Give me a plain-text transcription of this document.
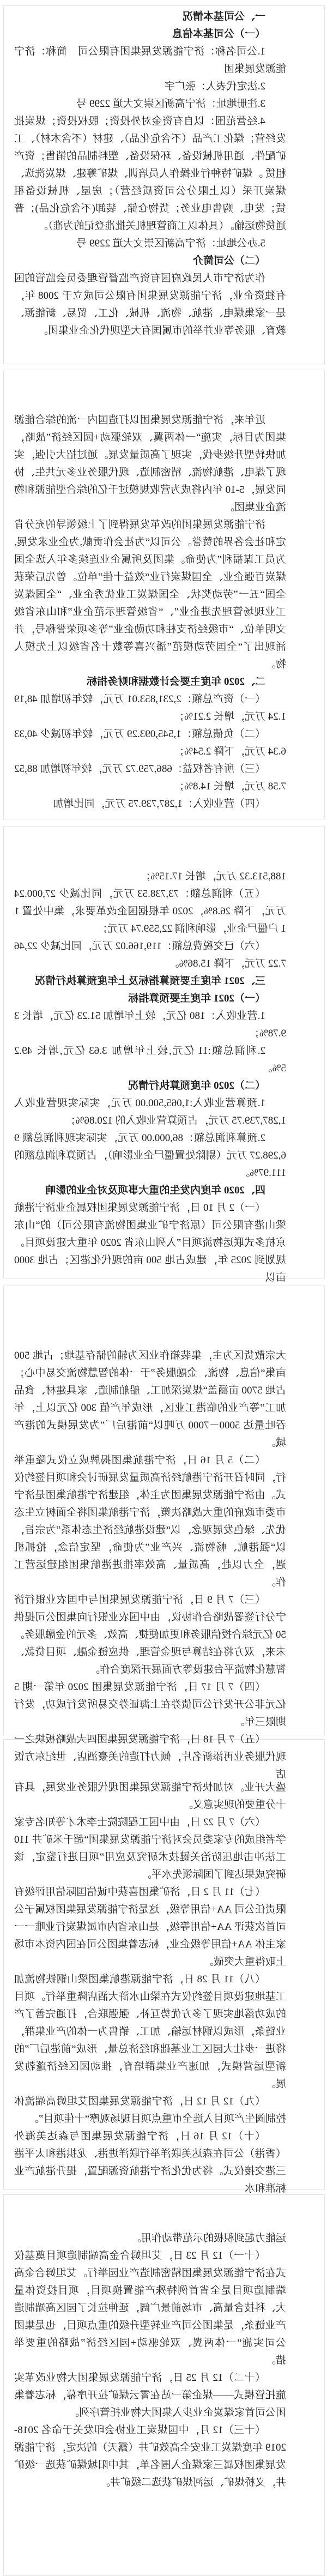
一、公司基本情况

（一）公司基本信息

1.公司名称：济宁能源发展集团有限公司　简称：济宁能源发展集团

2.法定代表人：张广宇

3.注册地址：济宁高新区崇文大道 2299 号

4.经营范围：以自有资金对外投资；股权投资；煤炭批发经营；煤化工产品（不含危化品）、建材（不含木材）、工矿配件、通用机械设备、环保设备、塑料制品的销售；资产租赁 。煤矿特种行业操作人员培训、煤矿筹建、煤炭洗选、煤炭开采（以上限分公司资质经营）；房屋、机械设备租赁；发电、购售电业务；货物仓储、装卸(不含危化品)；普通货物运输。（具体以工商管理机关批准登记的为准）。

5.办公地址：济宁高新区崇文大道 2299 号

（二）公司简介

作为济宁市人民政府国有资产监督管理委员会监管的国有独资企业，济宁能源发展集团有限公司成立于 2008 年，是一家集煤电、港航、物流、机械、化工、贸易、新能源、教育、服务等业并举的市属国有大型现代化企业集团。

近年来，济宁能源发展集团以打造国内一流的综合能源集团为目标，实施“一体两翼、双轮驱动+园区经济”战略，加快转型升级步伐，实现了高质量发展。通过招大引强，实现了煤电、港航物流、精密制造、现代服务业多元共生、协同发展，5-10 年内将成为营收规模过千亿的综合型能源和物流企业集团。

济宁能源发展集团的改革发展得到了上级领导的充分肯定和社会各界的赞誉。公司以“为社会作贡献,为企业求发展,为员工谋福利”为使命。集团及所属企业连续多年入选全国煤炭百强企业、全国煤炭行业“效益十佳”单位。曾先后荣获全国“五一”劳动奖状、全国煤炭工业优秀企业、“全国煤炭工业现场管理先进企业”、“省级管理示范企业”和山东省级文明单位、“市级经济支柱和功勋企业”等多项荣誉称号，并涌现出了“全国劳动模范”潘兴喜等数十名省级以上先模人物。

二、2020 年度主要会计数据和财务指标

（一）资产总额：2,231,853.01 万元，较年初增加 48,191.24 万元，增长 2.21%；

（二）负债总额：1,545,093.29 万元，较年初减少 40,336.34 万元，下降 2.54%；

（三）所有者权益：686,759.72 万元，较年初增加 88,527.58 万元，增长 14.8%；

（四）营业收入：1,287,739.75 万元，同比增加

188,513.32 万元，增长 17.15%；

（五）利润总额：73,738.53 万元，同比减少 27,000.24 万元，下降 26.8%，2020 年根据国企改革要求，集中处置 11 户僵尸企业，影响利润 22,559.74 万元；

（六）已交税费总额：119,166.02 万元，同比减少 22,467.22 万元，下降 15.86%。

三、2021 年度主要预算指标及上年度预算执行情况

（一）2021 年度主要预算指标

1.营业收入：180 亿元，较上年增加 51.23 亿元，增长 39.78%；

2.利润总额:11 亿元,较上年增加 3.63 亿元,增长 49.25%。

（二）2020 年度预算执行情况

1.预算营业收入:1,065,500.00 万元，实际实现营业收入 1,287,739.75 万元，占预算营业收入的 120.86%；

2.预算利润总额：86,000.00 万元，实际实现利润总额 96,298.27 万元（剔除处置僵尸企业影响），占预算利润总额的 111.97%。

四、2020 年度内发生的重大事项及对企业的影响

（一）2 月 10 日，济宁能源发展集团权属企业济宁港航梁山港有限公司（原济宁矿业集团物流有限公司）的“山东京杭多式联运物流项目”入列山东省 2020 年重大建设项目。规划到 2025 年，建成占地 500 亩的现代化港区；占地 3000 亩以

大宗散货区为主，集装箱作业区为辅的储存基地；占地 500 亩集“信息、物流、金融服务”于一体的智慧物流交易中心；占地 5700 亩涵盖“煤炭深加工、船舶制造、家具建材、食品加工”等产业的临港工业区，形成年产值 300 亿元以上，年吞吐量达 5000－7000 万吨以“前港后厂”为发展模式的港产城。

（二）5 月 16 日，济宁港航集团揭牌成立仪式隆重举行，同时召开济宁港航经济高质量发展研讨会和项目签约仪式。由济宁能源发展集团为主体，组建济宁港航集团是济宁市委市政府的重大战略决策，济宁港航集团将全面树立生态优先、绿色发展观念，以“建设港航经济生态体系”为宗旨，以“强港航、畅物流、兴产业”为使命，坚定信念，抢抓机遇，全力以赴，高质量、高效率推进港航集团组建运营工作。

（三）7 月 9 日，济宁能源发展集团与中国农业银行济宁分行签署战略合作协议，由中国农业银行向集团公司提供 50 亿元综合授信服务和更加便捷、高效、多元的金融服务。未来，双方将在结算与现金管理、供应链金融、项目贷款、智慧化物流平台建设等方面展开深度合作。

（四）7 月 17 日，济宁能源发展集团 2020 年第一期 5 亿元非公开发行公司债券在上海证券交易所发行成功，发行期限三年。

（五）7 月 18 日，济宁能源发展集团四大战略板块之一现代服务业再添新名片，倾力打造的美豪酒店、世纪东方饭店

盛大开业。对加快济宁能源发展集团现代服务业发展，具有十分重要的现实意义。

（六）7 月 22 日，由中国工程院院士李术才等知名专家学者组成的专家委员会对济宁能源发展集团“超千米矿井 110 工法冲击地压防治关键技术研究及应用”项目进行鉴定，该研究成果达到了国际领先水平。

（七）11 月 2 日，济矿集团喜获中诚信国际信用评级有限责任公司 AA+信用等级，这是济宁能源发展集团权属子公司首次获评 AA+信用等级，是山东省内市属煤炭行业唯一一家主体 AA+信用等级企业，标志着集团公司在国内资本市场上取得重大突破。

（八）11 月 28 日，济宁能源港航集团梁山钢铁物流加工基地建设项目签约仪式在梁山水浒大酒店隆重举行。项目的成功落地实现了多方优势互补、强强联合，打通完善了产业链条，形成以钢材运输、加工、销售为一体的产业集群，将进一步壮大园区工业基础和经济总量，形成“前港后厂”的新型运营模式，加速产业集群培育，推动园区经济蓬勃发展。

（九）12 月 12 日，济宁能源发展集团艾坦姆高端流体控制阀生产项目入选全市重点项目现场观摩“十佳项目”。

（十）12 月 16 日，济宁能源发展集团与森达美海外（香港）公司在森达美联洋举行联洋进港、龙拱港和太平港三港交接仪式。将为优化济宁港航资源配置，提升港航产业标准和水

运能力起到积极的示范带动作用。

（十一）12 月 23 日，艾坦姆合金高端制造项目奠基仪式在济宁能源发展集团精密制造产业园举行。艾坦姆合金高端制造项目是全省首例特殊产能置换项目，项目投资体量大、科技含量高、市场前景广阔，延伸拉长了园区高端制造产业链条，是集团公司产业转型升级的重点项目，也是集团公司实施“一体两翼、双轮驱动+园区经济”战略的重要举措。

（十二）12 月 25 日，济宁能源发展集团大物业改革实施托管模式——煤企第一站在霄云煤矿拉开序幕，标志着集团公司首家煤炭企业步入集团大物业托管序列。

（十三）12 月，中国煤炭工业协会印发关于命名 2018-2019 年度煤炭工业安全高效矿井（露天）的决定，济宁能源发展集团权属三家煤企入围名单，其中阳城煤矿获选一级矿井，义桥煤矿、运河煤矿获选二级矿井。
